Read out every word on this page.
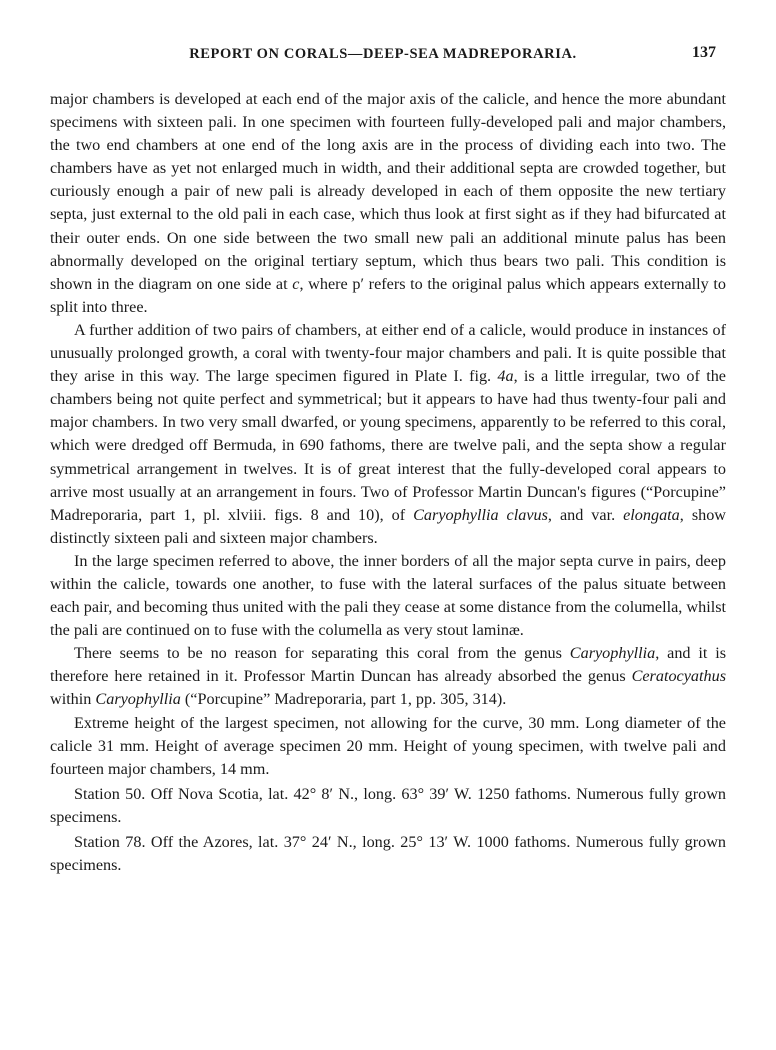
REPORT ON CORALS—DEEP-SEA MADREPORARIA.	137

major chambers is developed at each end of the major axis of the calicle, and hence the more abundant specimens with sixteen pali. In one specimen with fourteen fully-developed pali and major chambers, the two end chambers at one end of the long axis are in the process of dividing each into two. The chambers have as yet not enlarged much in width, and their additional septa are crowded together, but curiously enough a pair of new pali is already developed in each of them opposite the new tertiary septa, just external to the old pali in each case, which thus look at first sight as if they had bifurcated at their outer ends. On one side between the two small new pali an additional minute palus has been abnormally developed on the original tertiary septum, which thus bears two pali. This condition is shown in the diagram on one side at c, where p′ refers to the original palus which appears externally to split into three.

A further addition of two pairs of chambers, at either end of a calicle, would produce in instances of unusually prolonged growth, a coral with twenty-four major chambers and pali. It is quite possible that they arise in this way. The large specimen figured in Plate I. fig. 4a, is a little irregular, two of the chambers being not quite perfect and symmetrical; but it appears to have had thus twenty-four pali and major chambers. In two very small dwarfed, or young specimens, apparently to be referred to this coral, which were dredged off Bermuda, in 690 fathoms, there are twelve pali, and the septa show a regular symmetrical arrangement in twelves. It is of great interest that the fully-developed coral appears to arrive most usually at an arrangement in fours. Two of Professor Martin Duncan's figures (“Porcupine” Madreporaria, part 1, pl. xlviii. figs. 8 and 10), of Caryophyllia clavus, and var. elongata, show distinctly sixteen pali and sixteen major chambers.

In the large specimen referred to above, the inner borders of all the major septa curve in pairs, deep within the calicle, towards one another, to fuse with the lateral surfaces of the palus situate between each pair, and becoming thus united with the pali they cease at some distance from the columella, whilst the pali are continued on to fuse with the columella as very stout laminæ.

There seems to be no reason for separating this coral from the genus Caryophyllia, and it is therefore here retained in it. Professor Martin Duncan has already absorbed the genus Ceratocyathus within Caryophyllia (“Porcupine” Madreporaria, part 1, pp. 305, 314).

Extreme height of the largest specimen, not allowing for the curve, 30 mm. Long diameter of the calicle 31 mm. Height of average specimen 20 mm. Height of young specimen, with twelve pali and fourteen major chambers, 14 mm.

Station 50. Off Nova Scotia, lat. 42° 8′ N., long. 63° 39′ W. 1250 fathoms. Numerous fully grown specimens.

Station 78. Off the Azores, lat. 37° 24′ N., long. 25° 13′ W. 1000 fathoms. Numerous fully grown specimens.
